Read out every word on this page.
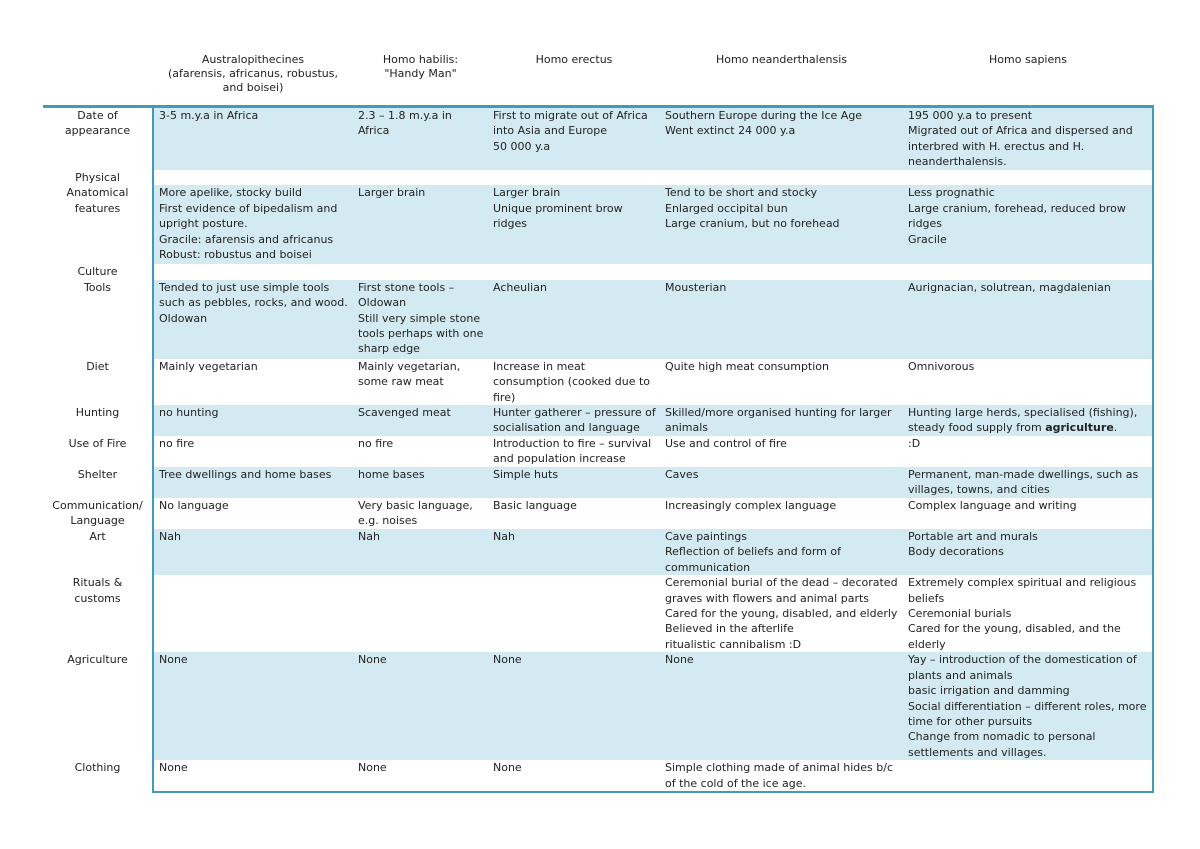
	Australopithecines
(afarensis, africanus, robustus,
and boisei)	Homo habilis:
"Handy Man"	Homo erectus	Homo neanderthalensis	Homo sapiens

Date of
appearance	3-5 m.y.a in Africa	2.3 – 1.8 m.y.a in Africa	First to migrate out of Africa into Asia and Europe
50 000 y.a	Southern Europe during the Ice Age
Went extinct 24 000 y.a	195 000 y.a to present
Migrated out of Africa and dispersed and interbred with H. erectus and H. neanderthalensis.

Physical					

Anatomical
features	More apelike, stocky build
First evidence of bipedalism and upright posture.
Gracile: afarensis and africanus
Robust: robustus and boisei	Larger brain	Larger brain
Unique prominent brow ridges	Tend to be short and stocky
Enlarged occipital bun
Large cranium, but no forehead	Less prognathic
Large cranium, forehead, reduced brow ridges
Gracile

Culture					

Tools	Tended to just use simple tools such as pebbles, rocks, and wood.
Oldowan	First stone tools – Oldowan
Still very simple stone tools perhaps with one sharp edge	Acheulian	Mousterian	Aurignacian, solutrean, magdalenian

Diet	Mainly vegetarian	Mainly vegetarian, some raw meat	Increase in meat consumption (cooked due to fire)	Quite high meat consumption	Omnivorous

Hunting	no hunting	Scavenged meat	Hunter gatherer – pressure of socialisation and language	Skilled/more organised hunting for larger animals	Hunting large herds, specialised (fishing), steady food supply from agriculture.

Use of Fire	no fire	no fire	Introduction to fire – survival and population increase	Use and control of fire	:D

Shelter	Tree dwellings and home bases	home bases	Simple huts	Caves	Permanent, man-made dwellings, such as villages, towns, and cities

Communication/
Language	No language	Very basic language, e.g. noises	Basic language	Increasingly complex language	Complex language and writing

Art	Nah	Nah	Nah	Cave paintings
Reflection of beliefs and form of communication	Portable art and murals
Body decorations

Rituals &
customs				Ceremonial burial of the dead – decorated graves with flowers and animal parts
Cared for the young, disabled, and elderly
Believed in the afterlife
ritualistic cannibalism :D	Extremely complex spiritual and religious beliefs
Ceremonial burials
Cared for the young, disabled, and the elderly

Agriculture	None	None	None	None	Yay – introduction of the domestication of plants and animals
basic irrigation and damming
Social differentiation – different roles, more time for other pursuits
Change from nomadic to personal settlements and villages.

Clothing	None	None	None	Simple clothing made of animal hides b/c of the cold of the ice age.	
